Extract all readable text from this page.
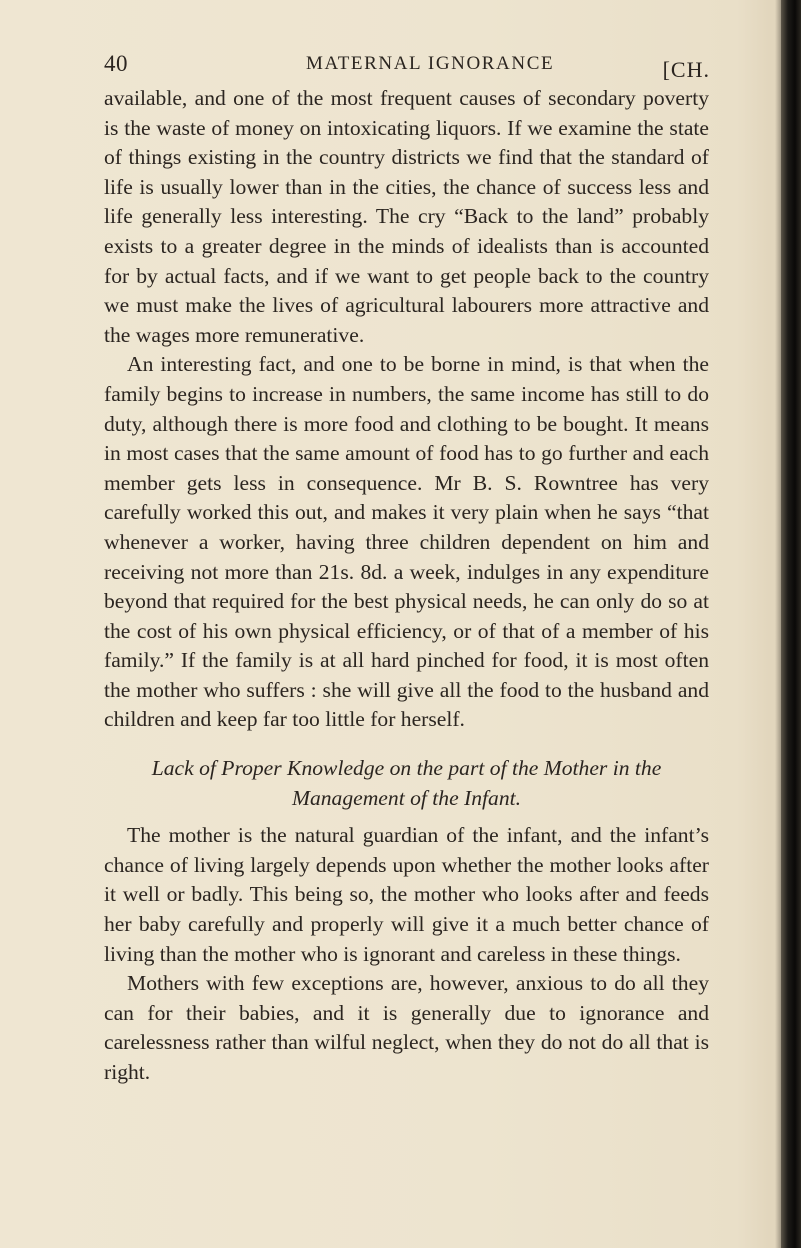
40	MATERNAL IGNORANCE	[CH.

available, and one of the most frequent causes of secondary poverty is the waste of money on intoxicating liquors. If we examine the state of things existing in the country districts we find that the standard of life is usually lower than in the cities, the chance of success less and life generally less interesting. The cry “Back to the land” probably exists to a greater degree in the minds of idealists than is accounted for by actual facts, and if we want to get people back to the country we must make the lives of agricultural labourers more attractive and the wages more remunerative.

An interesting fact, and one to be borne in mind, is that when the family begins to increase in numbers, the same income has still to do duty, although there is more food and clothing to be bought. It means in most cases that the same amount of food has to go further and each member gets less in consequence. Mr B. S. Rowntree has very carefully worked this out, and makes it very plain when he says “that whenever a worker, having three children dependent on him and receiving not more than 21s. 8d. a week, indulges in any expenditure beyond that required for the best physical needs, he can only do so at the cost of his own physical efficiency, or of that of a member of his family.” If the family is at all hard pinched for food, it is most often the mother who suffers : she will give all the food to the husband and children and keep far too little for herself.

Lack of Proper Knowledge on the part of the Mother in the
Management of the Infant.

The mother is the natural guardian of the infant, and the infant’s chance of living largely depends upon whether the mother looks after it well or badly. This being so, the mother who looks after and feeds her baby carefully and properly will give it a much better chance of living than the mother who is ignorant and careless in these things.

Mothers with few exceptions are, however, anxious to do all they can for their babies, and it is generally due to ignorance and carelessness rather than wilful neglect, when they do not do all that is right.
